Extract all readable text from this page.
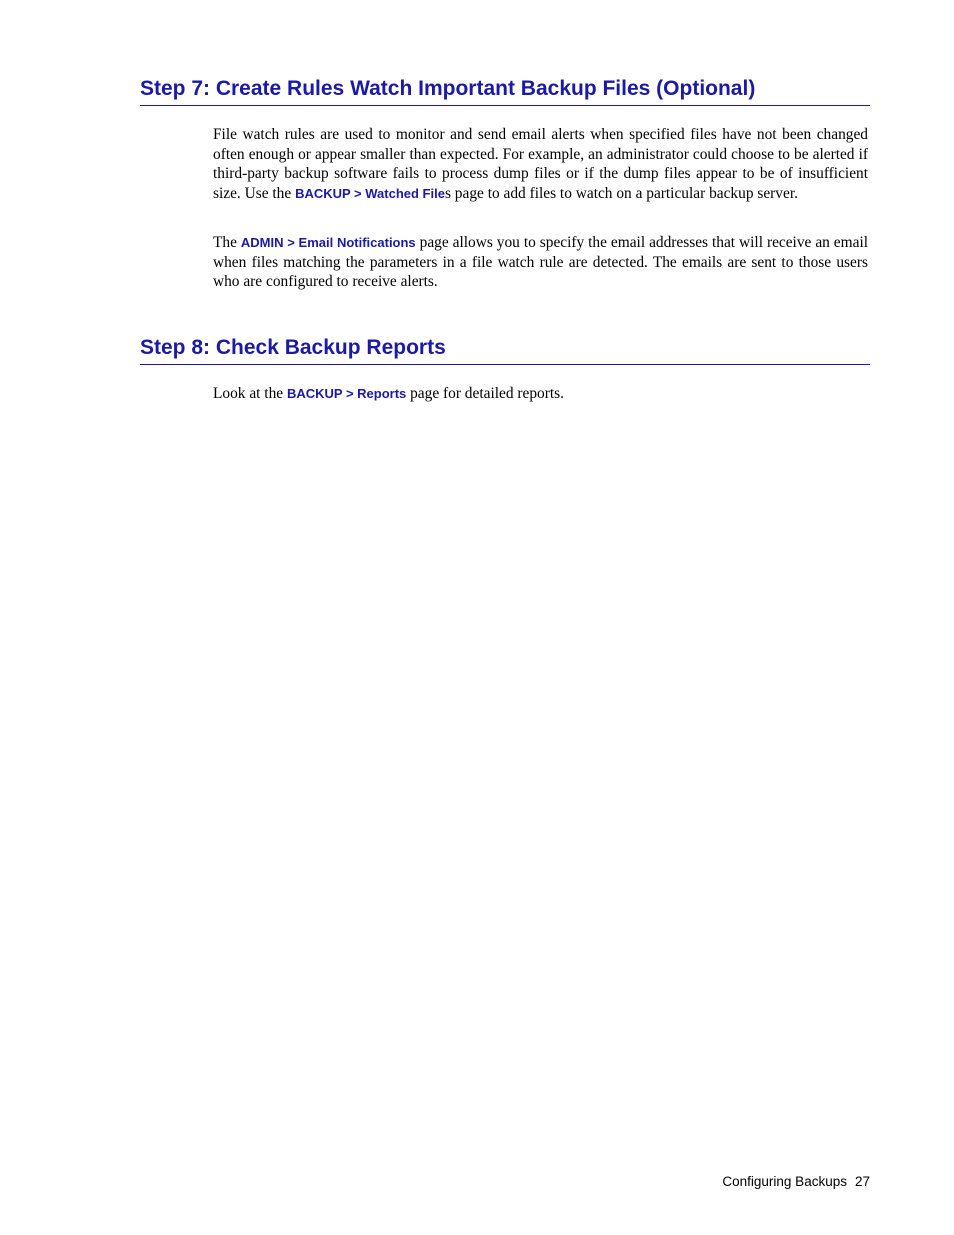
Step 7: Create Rules Watch Important Backup Files (Optional)

File watch rules are used to monitor and send email alerts when specified files have not been changed often enough or appear smaller than expected. For example, an administrator could choose to be alerted if third-party backup software fails to process dump files or if the dump files appear to be of insufficient size. Use the BACKUP > Watched Files page to add files to watch on a particular backup server.

The ADMIN > Email Notifications page allows you to specify the email addresses that will receive an email when files matching the parameters in a file watch rule are detected. The emails are sent to those users who are configured to receive alerts.

Step 8: Check Backup Reports

Look at the BACKUP > Reports page for detailed reports.

Configuring Backups 27
